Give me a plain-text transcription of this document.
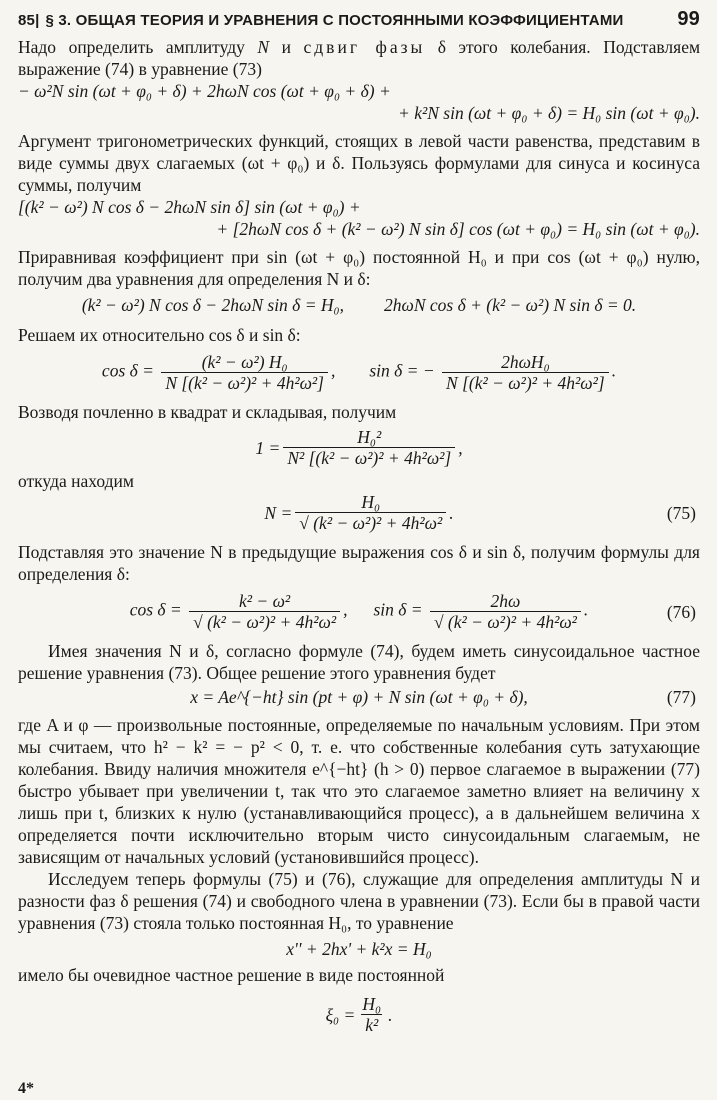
85| § 3. ОБЩАЯ ТЕОРИЯ И УРАВНЕНИЯ С ПОСТОЯННЫМИ КОЭФФИЦИЕНТАМИ	99

Надо определить амплитуду N и сдвиг фазы δ этого колебания. Подставляем выражение (74) в уравнение (73)

− ω²N sin (ωt + φ₀ + δ) + 2hωN cos (ωt + φ₀ + δ) +
+ k²N sin (ωt + φ₀ + δ) = H₀ sin (ωt + φ₀).

Аргумент тригонометрических функций, стоящих в левой части равенства, представим в виде суммы двух слагаемых (ωt + φ₀) и δ. Пользуясь формулами для синуса и косинуса суммы, получим

[(k² − ω²) N cos δ − 2hωN sin δ] sin (ωt + φ₀) +
+ [2hωN cos δ + (k² − ω²) N sin δ] cos (ωt + φ₀) = H₀ sin (ωt + φ₀).

Приравнивая коэффициент при sin (ωt + φ₀) постоянной H₀ и при cos (ωt + φ₀) нулю, получим два уравнения для определения N и δ:

(k² − ω²) N cos δ − 2hωN sin δ = H₀, 2hωN cos δ + (k² − ω²) N sin δ = 0.

Решаем их относительно cos δ и sin δ:

$\cos \delta = \frac{\text{(k² − ω²) H₀}}{\text{N [(k² − ω²)² + 4h²ω²]}}$ , sin δ = − $\frac{\text{2hωH₀}}{\text{N [(k² − ω²)² + 4h²ω²]}}$ .

Возводя почленно в квадрат и складывая, получим

$1 = \frac{\text{H₀²}}{\text{N² [(k² − ω²)² + 4h²ω²]}}$ ,

откуда находим

$N = \frac{\text{H₀}}{\text{√ (k² − ω²)² + 4h²ω²}}$ .	(75)

Подставляя это значение N в предыдущие выражения cos δ и sin δ, получим формулы для определения δ:

$\cos \delta = \frac{\text{k² − ω²}}{\text{√ (k² − ω²)² + 4h²ω²}}$ , $\sin \delta = \frac{2h\omega}{\text{√ (k² − ω²)² + 4h²ω²}}$ .	(76)

Имея значения N и δ, согласно формуле (74), будем иметь синусоидальное частное решение уравнения (73). Общее решение этого уравнения будет

x = Ae^{−ht} sin (pt + φ) + N sin (ωt + φ₀ + δ),	(77)

где A и φ — произвольные постоянные, определяемые по начальным условиям. При этом мы считаем, что h² − k² = − p² < 0, т. е. что собственные колебания суть затухающие колебания. Ввиду наличия множителя e^{−ht} (h > 0) первое слагаемое в выражении (77) быстро убывает при увеличении t, так что это слагаемое заметно влияет на величину x лишь при t, близких к нулю (устанавливающийся процесс), а в дальнейшем величина x определяется почти исключительно вторым чисто синусоидальным слагаемым, не зависящим от начальных условий (установившийся процесс).

Исследуем теперь формулы (75) и (76), служащие для определения амплитуды N и разности фаз δ решения (74) и свободного члена в уравнении (73). Если бы в правой части уравнения (73) стояла только постоянная H₀, то уравнение

x'' + 2hx' + k²x = H₀

имело бы очевидное частное решение в виде постоянной

$\xi_0 = \frac{\text{H₀}}{\text{k²}}$ .
4*
